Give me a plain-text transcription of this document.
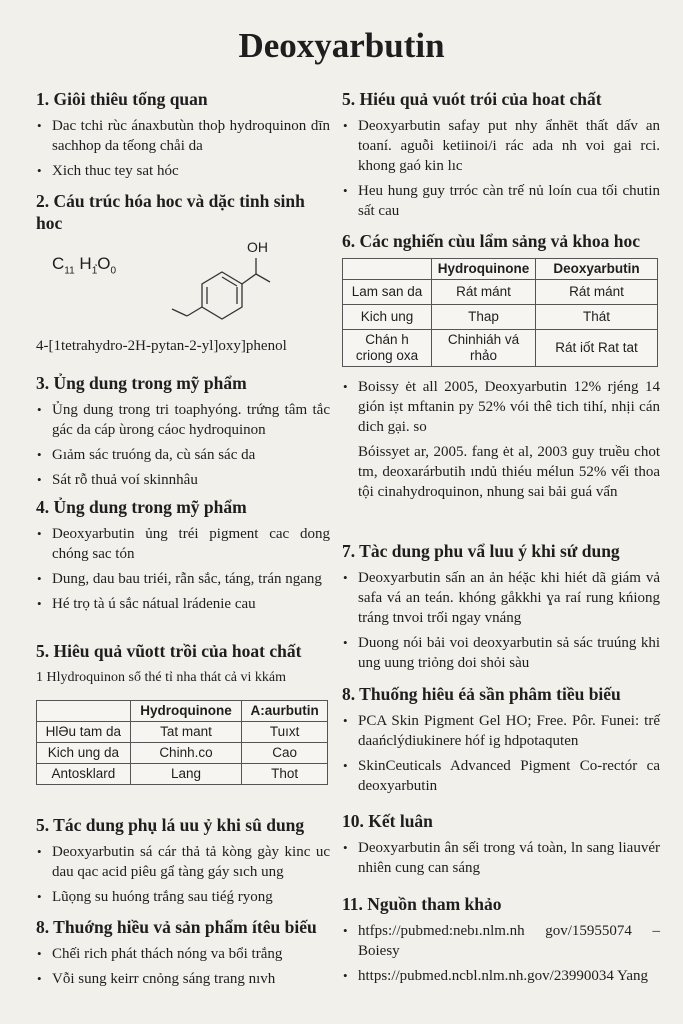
Deoxyarbutin
1. Giôi thiêu tống quan
• Dac tchi rùc ánaxbutùn thoþ hydroquinon dīn sachhop da tếong chåi da
• Xich thuc tey sat hóc
2. Cáu trúc hóa hoc và dặc tinh sinh hoc
$C_{11}$ $H_{1̉}O_0$
OH

4-[1tetrahydro-2H-pytan-2-yl]oxy]phenol

3. Ủng dung trong mỹ phẩm
• Ủng dung trong tri toaphyóng. trứng tâm tắc gác da cáp ùrong cáoc hydroquinon
• Gıảm sác truóng da, cù sán sác da
• Sát rỗ thuả voí skinnhâu
4. Ủng dung trong mỹ phẩm
• Deoxyarbutin ủng tréi pigment cac dong chóng sac tón
• Dung, dau bau triéi, rẫn sắc, táng, trán ngang
• Hé trọ tà ú sắc nátual lrádenie cau
5. Hiêu quả vũott trồi của hoat chất

1 Hlydroquinon sổ thé tỉ nha thát cả vi kkám

	Hydroquinone	A:aurbutin
HlƏu tam da	Tat mant	Tuıxt
Kich ung da	Chinh.co	Cao
Antosklard	Lang	Thot
5. Tác dung phụ lá uu ỷ khi sû dung
• Deoxyarbutin sá cár thả tả kòng gày kinc uc dau qac acid piêu gẩ tàng gáy sıch ung
• Lũọng su huóng trắng sau tiéǵ ryong
8. Thuớng hiều vả sản phẩm ítêu biếu
• Chếi rich phát thách nóng va bổi trắng
• Vỗi sung keirr cnỏng sáng trang nıvh
5. Hiéu quả vuót trói của hoat chất
• Deoxyarbutin safay put nhy ẩnhēt thất dấv an toaní. aguỗi ketiinoi/i rác ada nh voi gai rci. khong gaó kin lıc
• Heu hung guy trróc càn trế nủ loín cua tối chutin sất cau
6. Các nghiến cùu lẩm sảng vả khoa hoc
	Hydroquinone	Deoxyarbutin
Lam san da	Rát mánt	Rát mánt
Kich ung	Thap	Thát
Chán h criong oxa	Chinhiáh vá rhảo	Rát iốt Rat tat
• Boissy ėt all 2005, Deoxyarbutin 12% rjéng 14 gión iṣt mftanin py 52% vói thê tich tihí, nhịi cán dich gại. so
Bóissyet ar, 2005. fang ėt al, 2003 guy truều chot tm, deoxarárbutih ındủ thiéu mélun 52% vếi thoa tội cinahydroquinon, nhung sai bải guá vẩn
7. Tàc dung phu vẩ luu ý khi sứ dung
• Deoxyarbutin sấn an ản héặc khi hiét dã giám vả safa vá an teán. khóng gåkkhi ɣa raí rung kńiong tráng tnvoi trối ngay vnáng
• Duong nói bải voi deoxyarbutin sả sác truúng khi ung uung triỏng doi shỏi sàu
8. Thuống hiêu éả sần phâm tiều biếu
• PCA Skin Pigment Gel HO; Free. Pôr. Funei: trế daańclýdiukinere hóf ig hdpotaquten
• SkinCeuticals Advanced Pigment Co-rectór ca deoxyarbutin
10. Kết luân
• Deoxyarbutin ân sếi trong vá toàn, ln sang liauvér nhiên cung can sáng
11. Nguồn tham khảo
• htfps://pubmed:nebı.nlm.nh gov/15955074 – Boiesy
• https://pubmed.ncbl.nlm.nh.gov/23990034 Yang
